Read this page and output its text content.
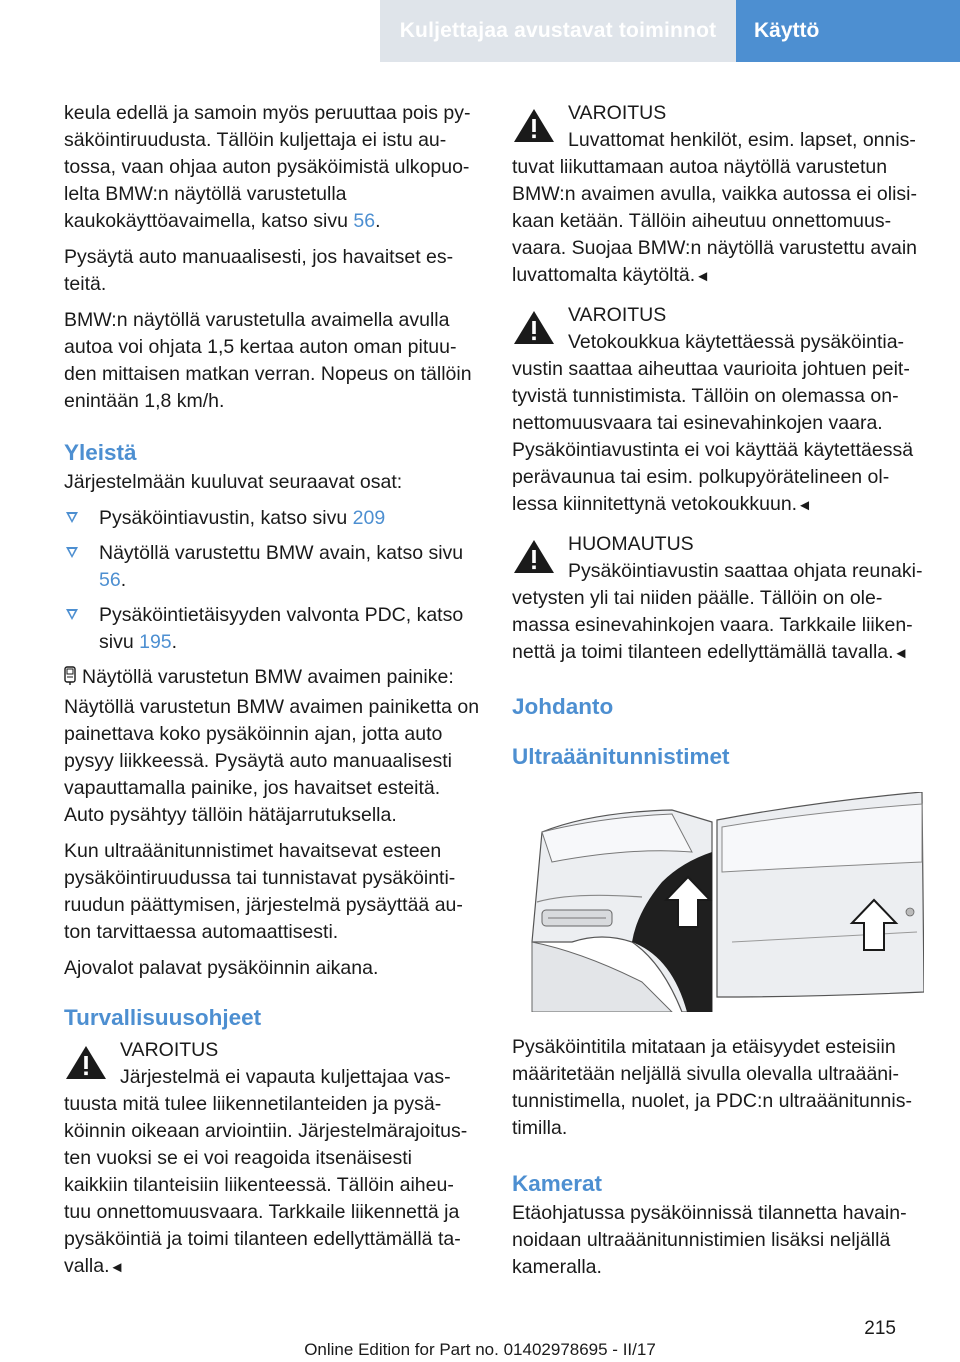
Kuljettajaa avustavat toiminnot	Käyttö

keula edellä ja samoin myös peruuttaa pois py-säköintiruudusta. Tällöin kuljettaja ei istu au-tossa, vaan ohjaa auton pysäköimistä ulkopuo-lelta BMW:n näytöllä varustetulla kaukokäyttöavaimella, katso sivu 56.

Pysäytä auto manuaalisesti, jos havaitset es-teitä.

BMW:n näytöllä varustetulla avaimella avulla autoa voi ohjata 1,5 kertaa auton oman pituu-den mittaisen matkan verran. Nopeus on tällöin enintään 1,8 km/h.

Yleistä

Järjestelmään kuuluvat seuraavat osat:

Pysäköintiavustin, katso sivu 209
Näytöllä varustettu BMW avain, katso sivu 56.
Pysäköintietäisyyden valvonta PDC, katso sivu 195.

Näytöllä varustetun BMW avaimen painike: Näytöllä varustetun BMW avaimen painiketta on painettava koko pysäköinnin ajan, jotta auto pysyy liikkeessä. Pysäytä auto manuaalisesti vapauttamalla painike, jos havaitset esteitä. Auto pysähtyy tällöin hätäjarrutuksella.

Kun ultraäänitunnistimet havaitsevat esteen pysäköintiruudussa tai tunnistavat pysäköinti-ruudun päättymisen, järjestelmä pysäyttää au-ton tarvittaessa automaattisesti.

Ajovalot palavat pysäköinnin aikana.

Turvallisuusohjeet
VAROITUS
Järjestelmä ei vapauta kuljettajaa vas-tuusta mitä tulee liikennetilanteiden ja pysä-köinnin oikeaan arviointiin. Järjestelmärajoitus-ten vuoksi se ei voi reagoida itsenäisesti kaikkiin tilanteisiin liikenteessä. Tällöin aiheu-tuu onnettomuusvaara. Tarkkaile liikennettä ja pysäköintiä ja toimi tilanteen edellyttämällä ta-valla.◄
VAROITUS
Luvattomat henkilöt, esim. lapset, onnis-tuvat liikuttamaan autoa näytöllä varustetun BMW:n avaimen avulla, vaikka autossa ei olisi-kaan ketään. Tällöin aiheutuu onnettomuus-vaara. Suojaa BMW:n näytöllä varustettu avain luvattomalta käytöltä.◄
VAROITUS
Vetokoukkua käytettäessä pysäköintia-vustin saattaa aiheuttaa vaurioita johtuen peit-tyvistä tunnistimista. Tällöin on olemassa on-nettomuusvaara tai esinevahinkojen vaara. Pysäköintiavustinta ei voi käyttää käytettäessä perävaunua tai esim. polkupyörätelineen ol-lessa kiinnitettynä vetokoukkuun.◄
HUOMAUTUS
Pysäköintiavustin saattaa ohjata reunaki-vetysten yli tai niiden päälle. Tällöin on ole-massa esinevahinkojen vaara. Tarkkaile liiken-nettä ja toimi tilanteen edellyttämällä tavalla.◄
Johdanto
Ultraäänitunnistimet

Pysäköintitila mitataan ja etäisyydet esteisiin määritetään neljällä sivulla olevalla ultraääni-tunnistimella, nuolet, ja PDC:n ultraäänitunnis-timilla.

Kamerat

Etäohjatussa pysäköinnissä tilannetta havain-noidaan ultraäänitunnistimien lisäksi neljällä kameralla.

215
Online Edition for Part no. 01402978695 - II/17
